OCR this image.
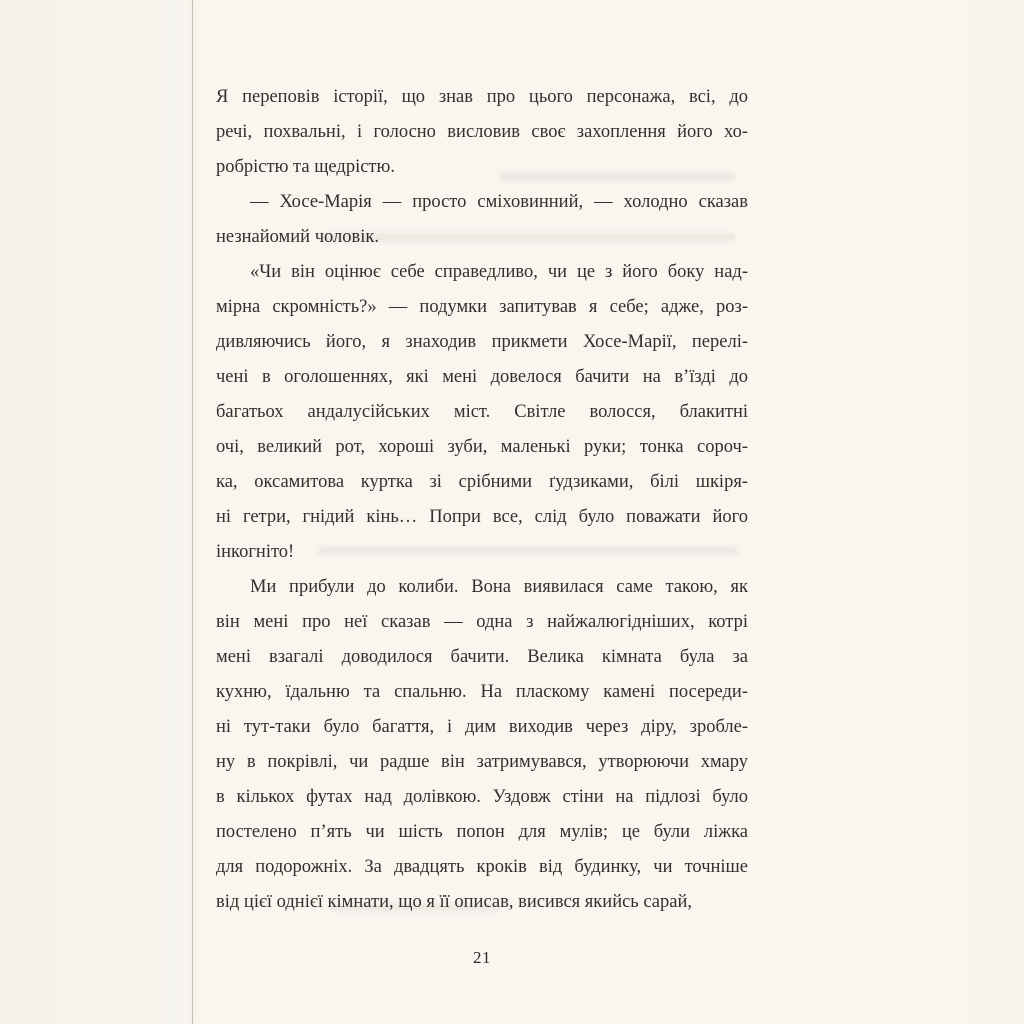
Я переповів історії, що знав про цього персонажа, всі, до
речі, похвальні, і голосно висловив своє захоплення його хо-
робрістю та щедрістю.
— Хосе-Марія — просто сміховинний, — холодно сказав
незнайомий чоловік.
«Чи він оцінює себе справедливо, чи це з його боку над-
мірна скромність?» — подумки запитував я себе; адже, роз-
дивляючись його, я знаходив прикмети Хосе-Марії, перелі-
чені в оголошеннях, які мені довелося бачити на в’їзді до
багатьох андалусійських міст. Світле волосся, блакитні
очі, великий рот, хороші зуби, маленькі руки; тонка сороч-
ка, оксамитова куртка зі срібними ґудзиками, білі шкіря-
ні гетри, гнідий кінь… Попри все, слід було поважати його
інкогніто!
Ми прибули до колиби. Вона виявилася саме такою, як
він мені про неї сказав — одна з найжалюгідніших, котрі
мені взагалі доводилося бачити. Велика кімната була за
кухню, їдальню та спальню. На пласкому камені посереди-
ні тут-таки було багаття, і дим виходив через діру, зробле-
ну в покрівлі, чи радше він затримувався, утворюючи хмару
в кількох футах над долівкою. Уздовж стіни на підлозі було
постелено п’ять чи шість попон для мулів; це були ліжка
для подорожніх. За двадцять кроків від будинку, чи точніше
від цієї однієї кімнати, що я її описав, висився якийсь сарай,
21
